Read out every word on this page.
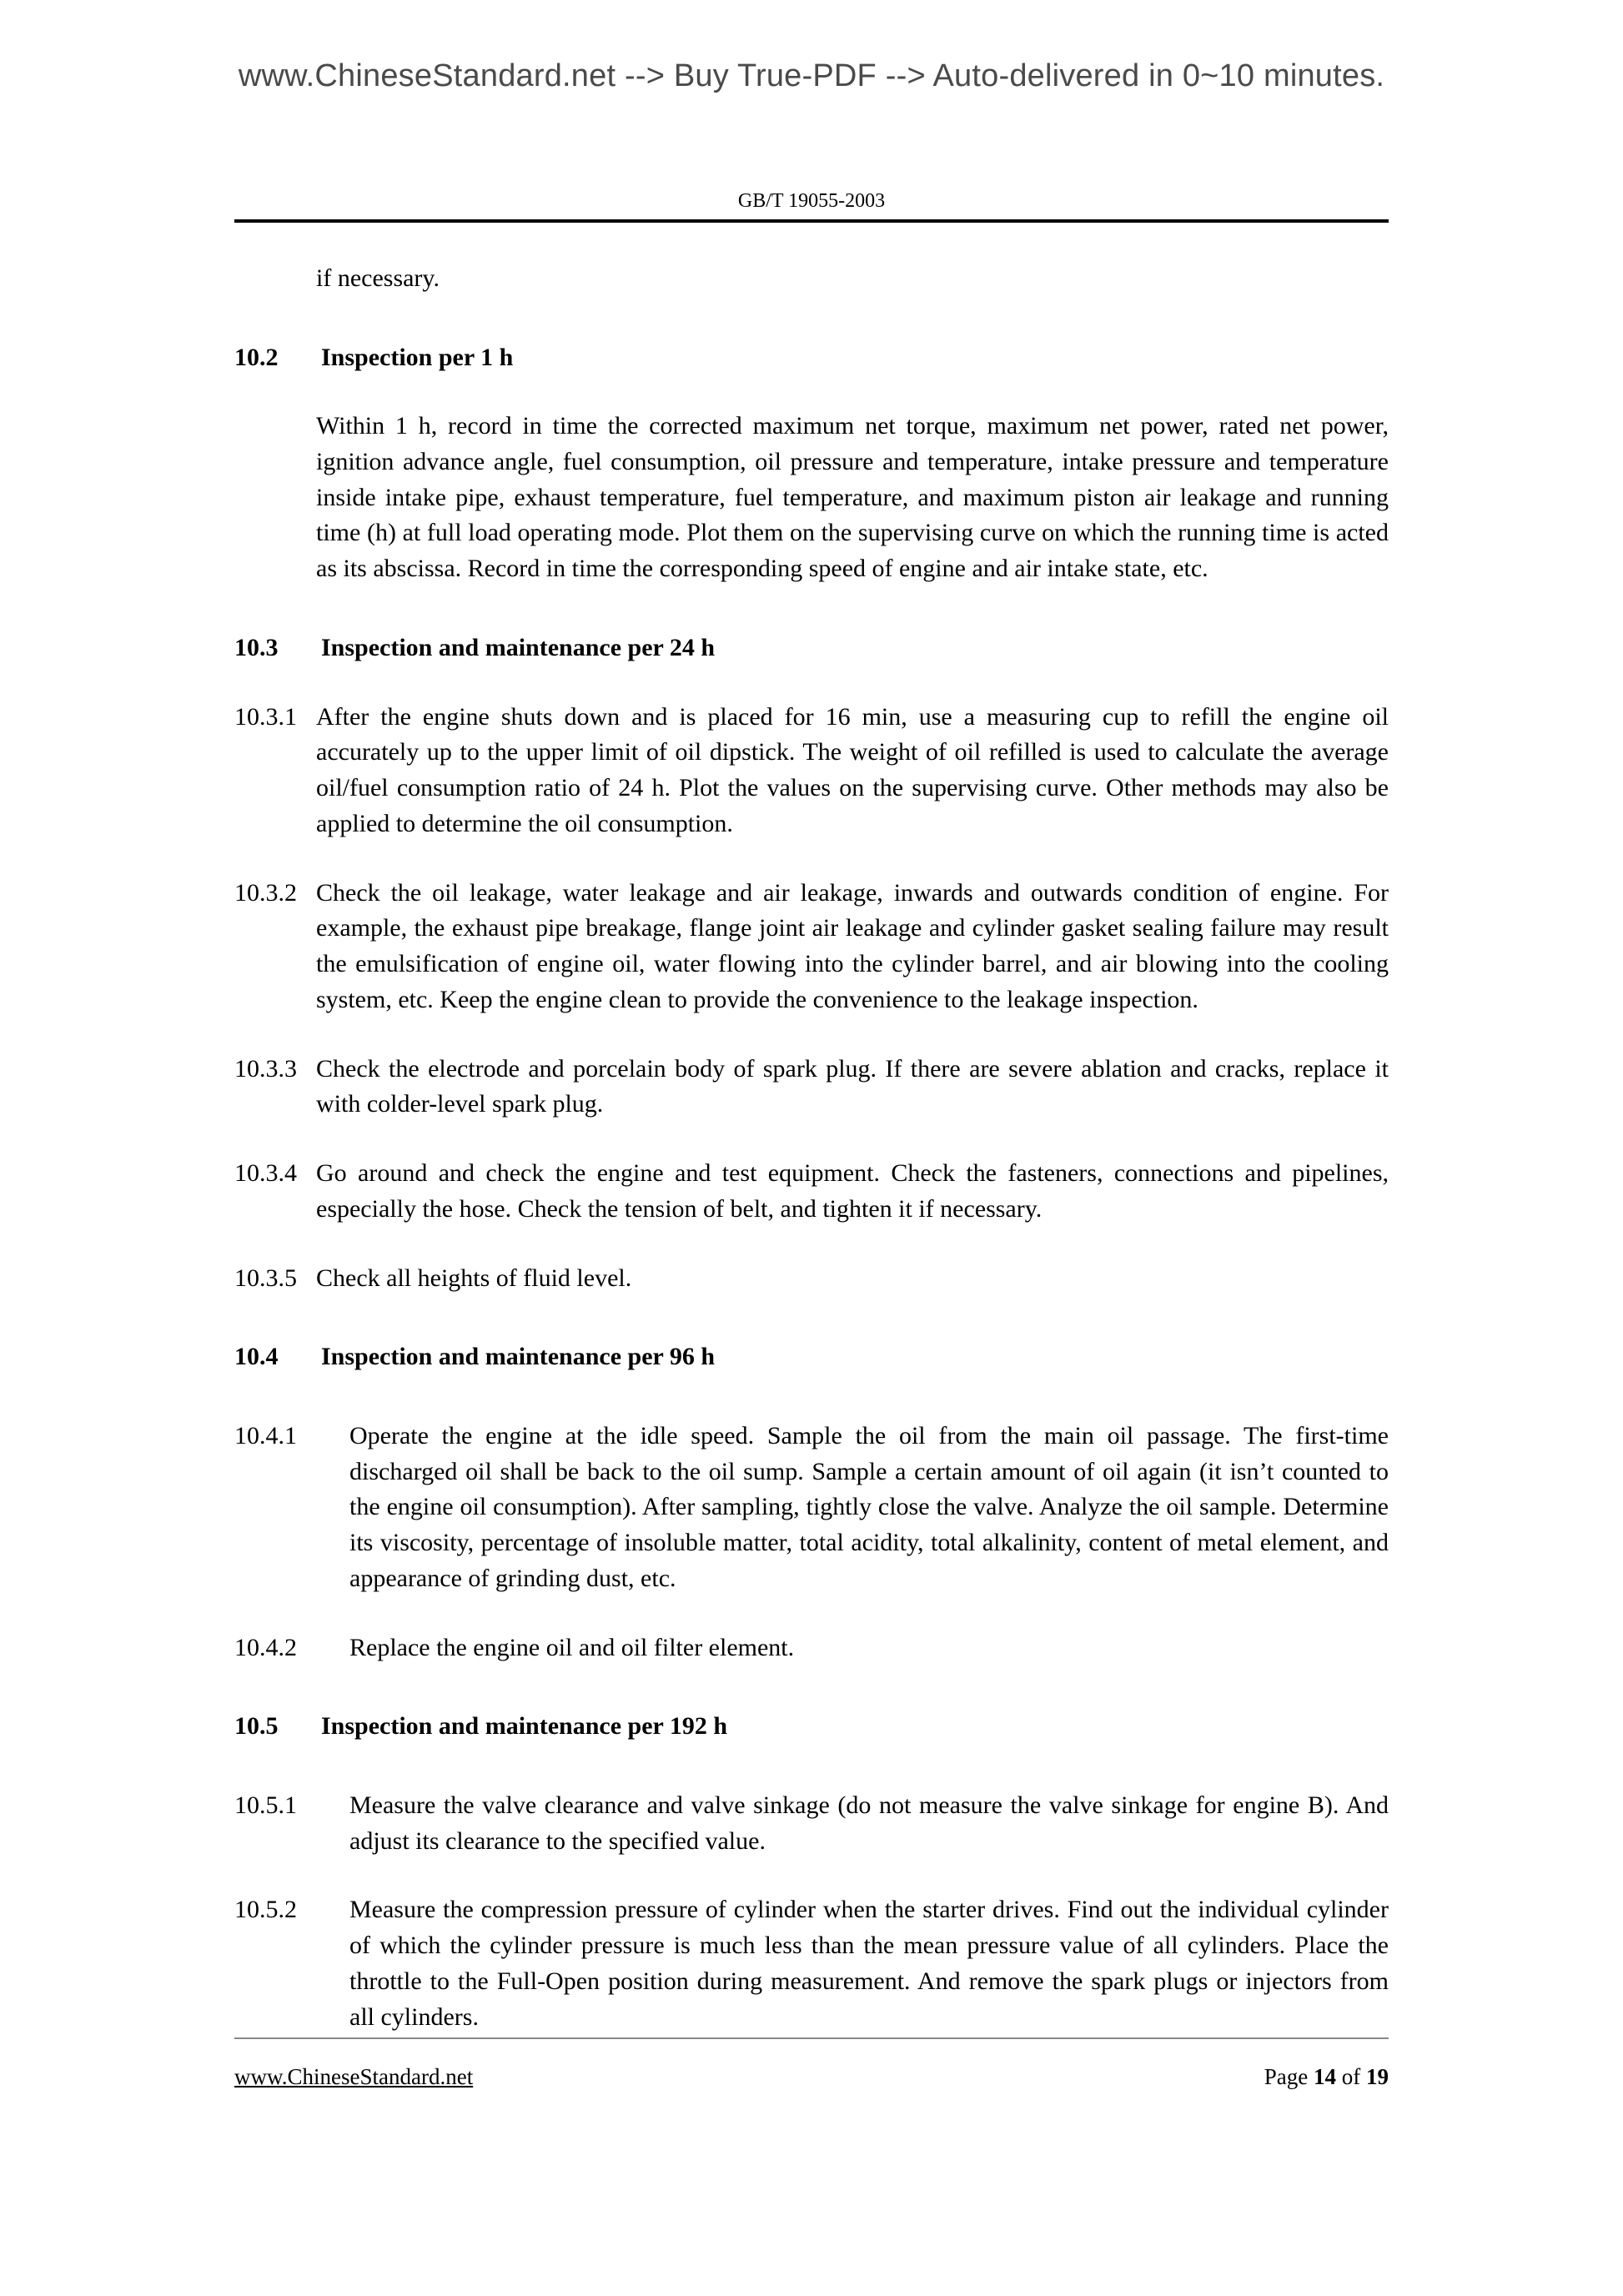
www.ChineseStandard.net --> Buy True-PDF --> Auto-delivered in 0~10 minutes.
GB/T 19055-2003

if necessary.

10.2	Inspection per 1 h

Within 1 h, record in time the corrected maximum net torque, maximum net power, rated net power, ignition advance angle, fuel consumption, oil pressure and temperature, intake pressure and temperature inside intake pipe, exhaust temperature, fuel temperature, and maximum piston air leakage and running time (h) at full load operating mode. Plot them on the supervising curve on which the running time is acted as its abscissa. Record in time the corresponding speed of engine and air intake state, etc.

10.3	Inspection and maintenance per 24 h
10.3.1 After the engine shuts down and is placed for 16 min, use a measuring cup to refill the engine oil accurately up to the upper limit of oil dipstick. The weight of oil refilled is used to calculate the average oil/fuel consumption ratio of 24 h. Plot the values on the supervising curve. Other methods may also be applied to determine the oil consumption.
10.3.2 Check the oil leakage, water leakage and air leakage, inwards and outwards condition of engine. For example, the exhaust pipe breakage, flange joint air leakage and cylinder gasket sealing failure may result the emulsification of engine oil, water flowing into the cylinder barrel, and air blowing into the cooling system, etc. Keep the engine clean to provide the convenience to the leakage inspection.
10.3.3 Check the electrode and porcelain body of spark plug. If there are severe ablation and cracks, replace it with colder-level spark plug.
10.3.4 Go around and check the engine and test equipment. Check the fasteners, connections and pipelines, especially the hose. Check the tension of belt, and tighten it if necessary.
10.3.5 Check all heights of fluid level.
10.4	Inspection and maintenance per 96 h
10.4.1	Operate the engine at the idle speed. Sample the oil from the main oil passage. The first-time discharged oil shall be back to the oil sump. Sample a certain amount of oil again (it isn’t counted to the engine oil consumption). After sampling, tightly close the valve. Analyze the oil sample. Determine its viscosity, percentage of insoluble matter, total acidity, total alkalinity, content of metal element, and appearance of grinding dust, etc.
10.4.2	Replace the engine oil and oil filter element.
10.5	Inspection and maintenance per 192 h
10.5.1	Measure the valve clearance and valve sinkage (do not measure the valve sinkage for engine B). And adjust its clearance to the specified value.
10.5.2	Measure the compression pressure of cylinder when the starter drives. Find out the individual cylinder of which the cylinder pressure is much less than the mean pressure value of all cylinders. Place the throttle to the Full-Open position during measurement. And remove the spark plugs or injectors from all cylinders.
www.ChineseStandard.net	Page 14 of 19
